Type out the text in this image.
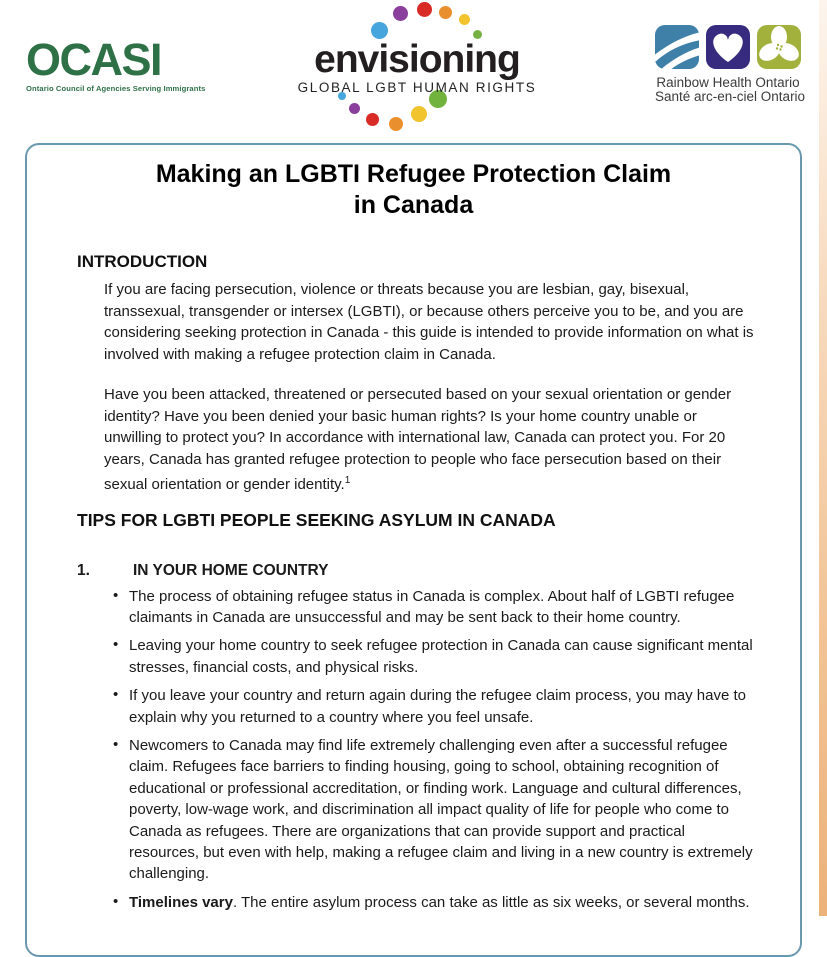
OCASI
Ontario Council of Agencies Serving Immigrants
envisioning
GLOBAL LGBT HUMAN RIGHTS	Rainbow Health Ontario
Santé arc-en-ciel Ontario
Making an LGBTI Refugee Protection Claim
in Canada
INTRODUCTION

If you are facing persecution, violence or threats because you are lesbian, gay, bisexual, transsexual, transgender or intersex (LGBTI), or because others perceive you to be, and you are considering seeking protection in Canada - this guide is intended to provide information on what is involved with making a refugee protection claim in Canada.

Have you been attacked, threatened or persecuted based on your sexual orientation or gender identity? Have you been denied your basic human rights? Is your home country unable or unwilling to protect you? In accordance with international law, Canada can protect you. For 20 years, Canada has granted refugee protection to people who face persecution based on their sexual orientation or gender identity.$^1$

TIPS FOR LGBTI PEOPLE SEEKING ASYLUM IN CANADA
1.	IN YOUR HOME COUNTRY
• The process of obtaining refugee status in Canada is complex. About half of LGBTI refugee claimants in Canada are unsuccessful and may be sent back to their home country.
• Leaving your home country to seek refugee protection in Canada can cause significant mental stresses, financial costs, and physical risks.
• If you leave your country and return again during the refugee claim process, you may have to explain why you returned to a country where you feel unsafe.
• Newcomers to Canada may find life extremely challenging even after a successful refugee claim. Refugees face barriers to finding housing, going to school, obtaining recognition of educational or professional accreditation, or finding work. Language and cultural differences, poverty, low-wage work, and discrimination all impact quality of life for people who come to Canada as refugees. There are organizations that can provide support and practical resources, but even with help, making a refugee claim and living in a new country is extremely challenging.
• Timelines vary. The entire asylum process can take as little as six weeks, or several months.
